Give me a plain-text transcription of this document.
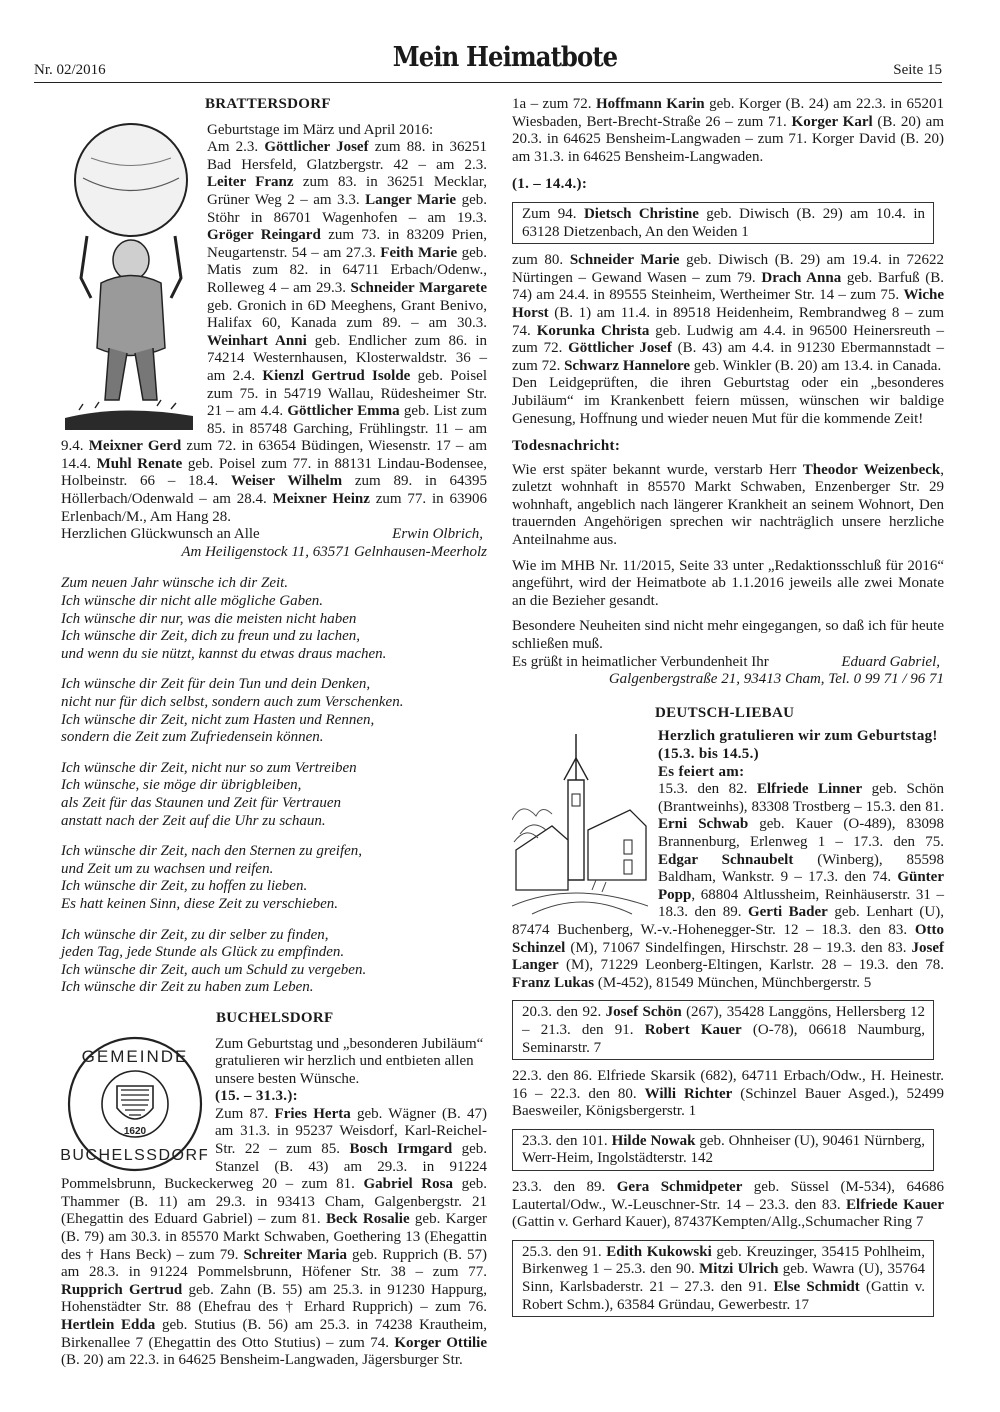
Nr. 02/2016	Mein Heimatbote	Seite 15

BRATTERSDORF

Geburtstage im März und April 2016:

Am 2.3. Göttlicher Josef zum 88. in 36251 Bad Hersfeld, Glatzbergstr. 42 – am 2.3. Leiter Franz zum 83. in 36251 Mecklar, Grüner Weg 2 – am 3.3. Langer Marie geb. Stöhr in 86701 Wagenhofen – am 19.3. Gröger Reingard zum 73. in 83209 Prien, Neugartenstr. 54 – am 27.3. Feith Marie geb. Matis zum 82. in 64711 Erbach/Odenw., Rolleweg 4 – am 29.3. Schneider Margarete geb. Gronich in 6D Meeghens, Grant Benivo, Halifax 60, Kanada zum 89. – am 30.3. Weinhart Anni geb. Endlicher zum 86. in 74214 Westernhausen, Klosterwaldstr. 36 – am 2.4. Kienzl Gertrud Isolde geb. Poisel zum 75. in 54719 Wallau, Rüdesheimer Str. 21 – am 4.4. Göttlicher Emma geb. List zum 85. in 85748 Garching, Frühlingstr. 11 – am 9.4. Meixner Gerd zum 72. in 63654 Büdingen, Wiesenstr. 17 – am 14.4. Muhl Renate geb. Poisel zum 77. in 88131 Lindau-Bodensee, Holbeinstr. 66 – 18.4. Weiser Wilhelm zum 89. in 64395 Höllerbach/Odenwald – am 28.4. Meixner Heinz zum 77. in 63906 Erlenbach/M., Am Hang 28.

Herzlichen Glückwunsch an Alle	Erwin Olbrich,

Am Heiligenstock 11, 63571 Gelnhausen-Meerholz

Zum neuen Jahr wünsche ich dir Zeit.

Ich wünsche dir nicht alle mögliche Gaben.

Ich wünsche dir nur, was die meisten nicht haben

Ich wünsche dir Zeit, dich zu freun und zu lachen,

und wenn du sie nützt, kannst du etwas draus machen.

Ich wünsche dir Zeit für dein Tun und dein Denken,

nicht nur für dich selbst, sondern auch zum Verschenken.

Ich wünsche dir Zeit, nicht zum Hasten und Rennen,

sondern die Zeit zum Zufriedensein können.

Ich wünsche dir Zeit, nicht nur so zum Vertreiben

Ich wünsche, sie möge dir übrigbleiben,

als Zeit für das Staunen und Zeit für Vertrauen

anstatt nach der Zeit auf die Uhr zu schaun.

Ich wünsche dir Zeit, nach den Sternen zu greifen,

und Zeit um zu wachsen und reifen.

Ich wünsche dir Zeit, zu hoffen zu lieben.

Es hatt keinen Sinn, diese Zeit zu verschieben.

Ich wünsche dir Zeit, zu dir selber zu finden,

jeden Tag, jede Stunde als Glück zu empfinden.

Ich wünsche dir Zeit, auch um Schuld zu vergeben.

Ich wünsche dir Zeit zu haben zum Leben.

BUCHELSDORF

1620
GEMEINDE
BUCHELSSDORF

Zum Geburtstag und „besonderen Jubiläum“ gratulieren wir herzlich und entbieten allen unsere besten Wünsche.

(15. – 31.3.):

Zum 87. Fries Herta geb. Wägner (B. 47) am 31.3. in 95237 Weisdorf, Karl-Reichel-Str. 22 – zum 85. Bosch Irmgard geb. Stanzel (B. 43) am 29.3. in 91224 Pommelsbrunn, Buckeckerweg 20 – zum 81. Gabriel Rosa geb. Thammer (B. 11) am 29.3. in 93413 Cham, Galgenbergstr. 21 (Ehegattin des Eduard Gabriel) – zum 81. Beck Rosalie geb. Karger (B. 79) am 30.3. in 85570 Markt Schwaben, Goethering 13 (Ehegattin des † Hans Beck) – zum 79. Schreiter Maria geb. Rupprich (B. 57) am 28.3. in 91224 Pommelsbrunn, Höfener Str. 38 – zum 77. Rupprich Gertrud geb. Zahn (B. 55) am 25.3. in 91230 Happurg, Hohenstädter Str. 88 (Ehefrau des † Erhard Rupprich) – zum 76. Hertlein Edda geb. Stutius (B. 56) am 25.3. in 74238 Krautheim, Birkenallee 7 (Ehegattin des Otto Stutius) – zum 74. Korger Ottilie (B. 20) am 22.3. in 64625 Bensheim-Langwaden, Jägersburger Str.

1a – zum 72. Hoffmann Karin geb. Korger (B. 24) am 22.3. in 65201 Wiesbaden, Bert-Brecht-Straße 26 – zum 71. Korger Karl (B. 20) am 20.3. in 64625 Bensheim-Langwaden – zum 71. Korger David (B. 20) am 31.3. in 64625 Bensheim-Langwaden.

(1. – 14.4.):

Zum 94. Dietsch Christine geb. Diwisch (B. 29) am 10.4. in 63128 Dietzenbach, An den Weiden 1

zum 80. Schneider Marie geb. Diwisch (B. 29) am 19.4. in 72622 Nürtingen – Gewand Wasen – zum 79. Drach Anna geb. Barfuß (B. 74) am 24.4. in 89555 Steinheim, Wertheimer Str. 14 – zum 75. Wiche Horst (B. 1) am 11.4. in 89518 Heidenheim, Rembrandweg 8 – zum 74. Korunka Christa geb. Ludwig am 4.4. in 96500 Heinersreuth – zum 72. Göttlicher Josef (B. 43) am 4.4. in 91230 Ebermannstadt – zum 72. Schwarz Hannelore geb. Winkler (B. 20) am 13.4. in Canada.

Den Leidgeprüften, die ihren Geburtstag oder ein „besonderes Jubiläum“ im Krankenbett feiern müssen, wünschen wir baldige Genesung, Hoffnung und wieder neuen Mut für die kommende Zeit!

Todesnachricht:

Wie erst später bekannt wurde, verstarb Herr Theodor Weizenbeck, zuletzt wohnhaft in 85570 Markt Schwaben, Enzenberger Str. 29 wohnhaft, angeblich nach längerer Krankheit an seinem Wohnort, Den trauernden Angehörigen sprechen wir nachträglich unsere herzliche Anteilnahme aus.

Wie im MHB Nr. 11/2015, Seite 33 unter „Redaktionsschluß für 2016“ angeführt, wird der Heimatbote ab 1.1.2016 jeweils alle zwei Monate an die Bezieher gesandt.

Besondere Neuheiten sind nicht mehr eingegangen, so daß ich für heute schließen muß.

Es grüßt in heimatlicher Verbundenheit Ihr	Eduard Gabriel,

Galgenbergstraße 21, 93413 Cham, Tel. 0 99 71 / 96 71

DEUTSCH-LIEBAU

Herzlich gratulieren wir zum Geburtstag!

(15.3. bis 14.5.)

Es feiert am:

15.3. den 82. Elfriede Linner geb. Schön (Brantweinhs), 83308 Trostberg – 15.3. den 81. Erni Schwab geb. Kauer (O-489), 83098 Brannenburg, Erlenweg 1 – 17.3. den 75. Edgar Schnaubelt (Winberg), 85598 Baldham, Wankstr. 9 – 17.3. den 74. Günter Popp, 68804 Altlussheim, Reinhäuserstr. 31 – 18.3. den 89. Gerti Bader geb. Lenhart (U), 87474 Buchenberg, W.-v.-Hohenegger-Str. 12 – 18.3. den 83. Otto Schinzel (M), 71067 Sindelfingen, Hirschstr. 28 – 19.3. den 83. Josef Langer (M), 71229 Leonberg-Eltingen, Karlstr. 28 – 19.3. den 78. Franz Lukas (M-452), 81549 München, Münchbergerstr. 5

20.3. den 92. Josef Schön (267), 35428 Langgöns, Hellersberg 12 – 21.3. den 91. Robert Kauer (O-78), 06618 Naumburg, Seminarstr. 7

22.3. den 86. Elfriede Skarsik (682), 64711 Erbach/Odw., H. Heinestr. 16 – 22.3. den 80. Willi Richter (Schinzel Bauer Asged.), 52499 Baesweiler, Königsbergerstr. 1

23.3. den 101. Hilde Nowak geb. Ohnheiser (U), 90461 Nürnberg, Werr-Heim, Ingolstädterstr. 142

23.3. den 89. Gera Schmidpeter geb. Süssel (M-534), 64686 Lautertal/Odw., W.-Leuschner-Str. 14 – 23.3. den 83. Elfriede Kauer (Gattin v. Gerhard Kauer), 87437Kempten/Allg.,Schumacher Ring 7

25.3. den 91. Edith Kukowski geb. Kreuzinger, 35415 Pohlheim, Birkenweg 1 – 25.3. den 90. Mitzi Ulrich geb. Wawra (U), 35764 Sinn, Karlsbaderstr. 21 – 27.3. den 91. Else Schmidt (Gattin v. Robert Schm.), 63584 Gründau, Gewerbestr. 17
